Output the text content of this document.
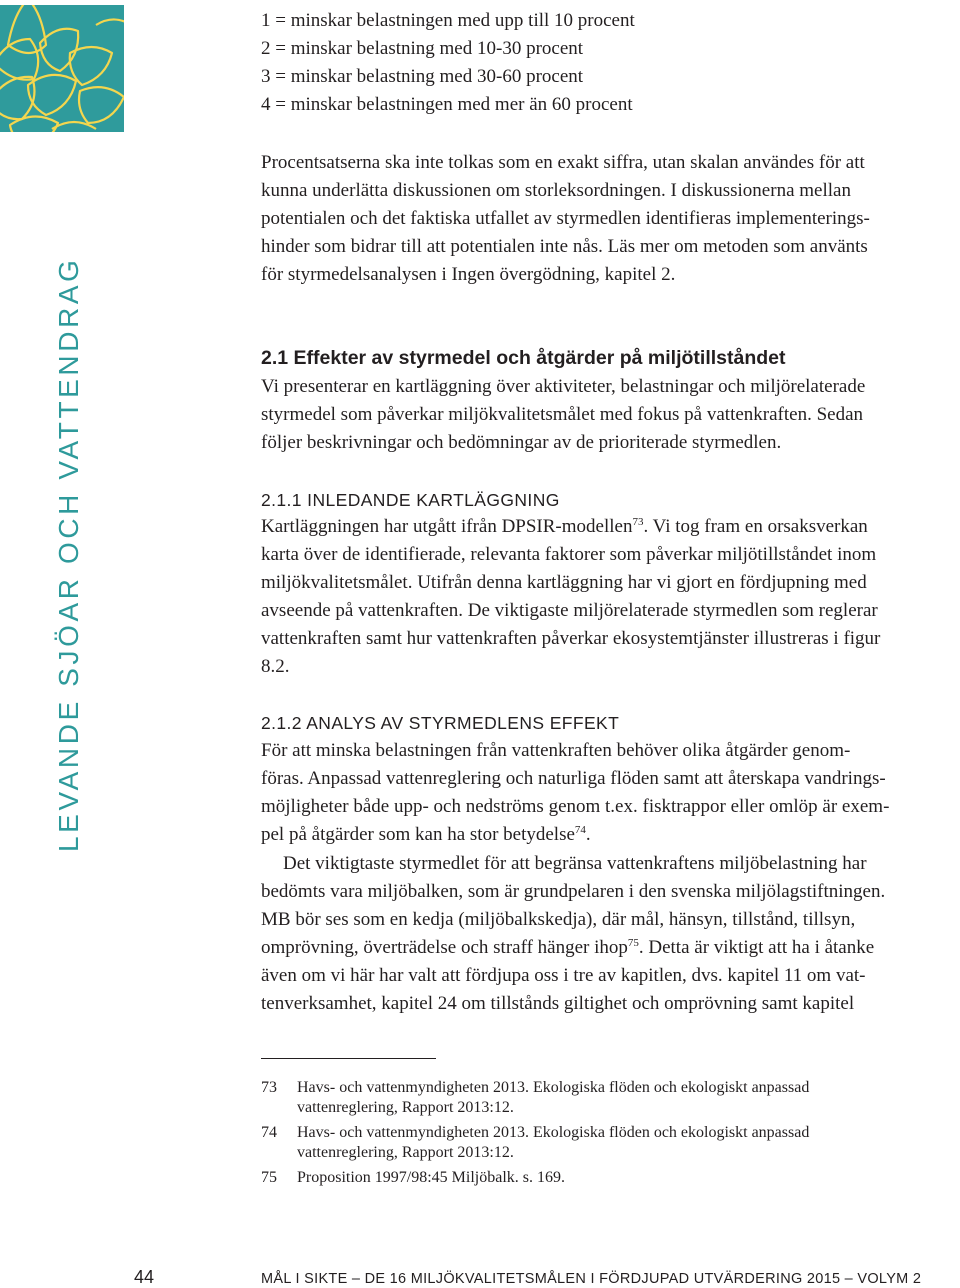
LEVANDE SJÖAR OCH VATTENDRAG
1 = minskar belastningen med upp till 10 procent
2 = minskar belastning med 10-30 procent
3 = minskar belastning med 30-60 procent
4 = minskar belastningen med mer än 60 procent
Procentsatserna ska inte tolkas som en exakt siffra, utan skalan användes för att
kunna underlätta diskussionen om storleksordningen. I diskussionerna mellan
potentialen och det faktiska utfallet av styrmedlen identifieras implementerings-
hinder som bidrar till att potentialen inte nås. Läs mer om metoden som använts
för styrmedelsanalysen i Ingen övergödning, kapitel 2.
2.1 Effekter av styrmedel och åtgärder på miljötillståndet
Vi presenterar en kartläggning över aktiviteter, belastningar och miljörelaterade
styrmedel som påverkar miljökvalitetsmålet med fokus på vattenkraften. Sedan
följer beskrivningar och bedömningar av de prioriterade styrmedlen.
2.1.1 INLEDANDE KARTLÄGGNING
Kartläggningen har utgått ifrån DPSIR-modellen$^{73}$. Vi tog fram en orsaksverkan
karta över de identifierade, relevanta faktorer som påverkar miljötillståndet inom
miljökvalitetsmålet. Utifrån denna kartläggning har vi gjort en fördjupning med
avseende på vattenkraften. De viktigaste miljörelaterade styrmedlen som reglerar
vattenkraften samt hur vattenkraften påverkar ekosystemtjänster illustreras i figur
8.2.
2.1.2 ANALYS AV STYRMEDLENS EFFEKT
För att minska belastningen från vattenkraften behöver olika åtgärder genom-
föras. Anpassad vattenreglering och naturliga flöden samt att återskapa vandrings-
möjligheter både upp- och nedströms genom t.ex. fisktrappor eller omlöp är exem-
pel på åtgärder som kan ha stor betydelse$^{74}$.
Det viktigtaste styrmedlet för att begränsa vattenkraftens miljöbelastning har
bedömts vara miljöbalken, som är grundpelaren i den svenska miljölagstiftningen.
MB bör ses som en kedja (miljöbalkskedja), där mål, hänsyn, tillstånd, tillsyn,
omprövning, överträdelse och straff hänger ihop$^{75}$. Detta är viktigt att ha i åtanke
även om vi här har valt att fördjupa oss i tre av kapitlen, dvs. kapitel 11 om vat-
tenverksamhet, kapitel 24 om tillstånds giltighet och omprövning samt kapitel
73 Havs- och vattenmyndigheten 2013. Ekologiska flöden och ekologiskt anpassad
vattenreglering, Rapport 2013:12.
74 Havs- och vattenmyndigheten 2013. Ekologiska flöden och ekologiskt anpassad
vattenreglering, Rapport 2013:12.
75 Proposition 1997/98:45 Miljöbalk. s. 169.
44	MÅL I SIKTE – DE 16 MILJÖKVALITETSMÅLEN I FÖRDJUPAD UTVÄRDERING 2015 – VOLYM 2
